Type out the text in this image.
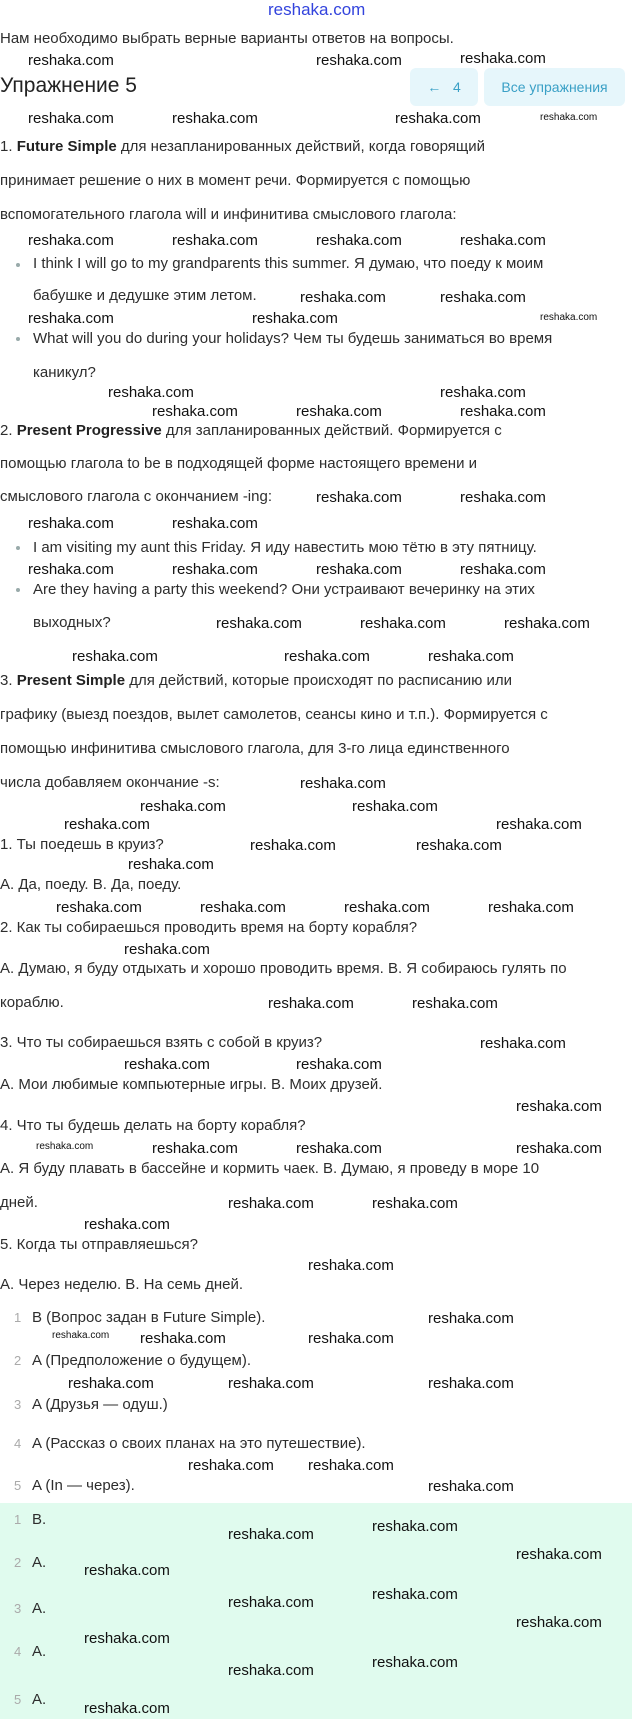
reshaka.com
Нам необходимо выбрать верные варианты ответов на вопросы.
Упражнение 5	←
4	Все упражнения
1. Future Simple для незапланированных действий, когда говорящий
принимает решение о них в момент речи. Формируется с помощью
вспомогательного глагола will и инфинитива смыслового глагола:
I think I will go to my grandparents this summer. Я думаю, что поеду к моим
бабушке и дедушке этим летом.
What will you do during your holidays? Чем ты будешь заниматься во время
каникул?
2. Present Progressive для запланированных действий. Формируется с
помощью глагола to be в подходящей форме настоящего времени и
смыслового глагола с окончанием -ing:
I am visiting my aunt this Friday. Я иду навестить мою тётю в эту пятницу.
Are they having a party this weekend? Они устраивают вечеринку на этих
выходных?
3. Present Simple для действий, которые происходят по расписанию или
графику (выезд поездов, вылет самолетов, сеансы кино и т.п.). Формируется с
помощью инфинитива смыслового глагола, для 3-го лица единственного
числа добавляем окончание -s:
1. Ты поедешь в круиз?
A. Да, поеду. B. Да, поеду.
2. Как ты собираешься проводить время на борту корабля?
A. Думаю, я буду отдыхать и хорошо проводить время. B. Я собираюсь гулять по
кораблю.
3. Что ты собираешься взять с собой в круиз?
A. Мои любимые компьютерные игры. B. Моих друзей.
4. Что ты будешь делать на борту корабля?
A. Я буду плавать в бассейне и кормить чаек. B. Думаю, я проведу в море 10
дней.
5. Когда ты отправляешься?
A. Через неделю. B. На семь дней.
1 B (Вопрос задан в Future Simple).
2 A (Предположение о будущем).
3 A (Друзья — одуш.)
4 A (Рассказ о своих планах на это путешествие).
5 A (In — через).
1 B.
2 A.
3 A.
4 A.
5 A.
reshaka.com	reshaka.com	reshaka.com
reshaka.com
reshaka.com	reshaka.com	reshaka.com
reshaka.com
reshaka.com	reshaka.com	reshaka.com
reshaka.com
reshaka.com
reshaka.com
reshaka.com
reshaka.com
reshaka.com	reshaka.com
reshaka.com	reshaka.com	reshaka.com
reshaka.com	reshaka.com
reshaka.com	reshaka.com
reshaka.com	reshaka.com	reshaka.com
reshaka.com
reshaka.com	reshaka.com	reshaka.com
reshaka.com	reshaka.com	reshaka.com
reshaka.com
reshaka.com
reshaka.com
reshaka.com
reshaka.com
reshaka.com
reshaka.com
reshaka.com
reshaka.com
reshaka.com	reshaka.com
reshaka.com
reshaka.com
reshaka.com	reshaka.com
reshaka.com
reshaka.com	reshaka.com
reshaka.com
reshaka.com	reshaka.com	reshaka.com	reshaka.com
reshaka.com	reshaka.com
reshaka.com
reshaka.com
reshaka.com reshaka.com
reshaka.com
reshaka.com
reshaka.com
reshaka.com	reshaka.com
reshaka.com
reshaka.com
reshaka.com
reshaka.com
reshaka.com
reshaka.com
reshaka.com
reshaka.com
reshaka.com
reshaka.com
reshaka.com
reshaka.com
reshaka.com
reshaka.com
